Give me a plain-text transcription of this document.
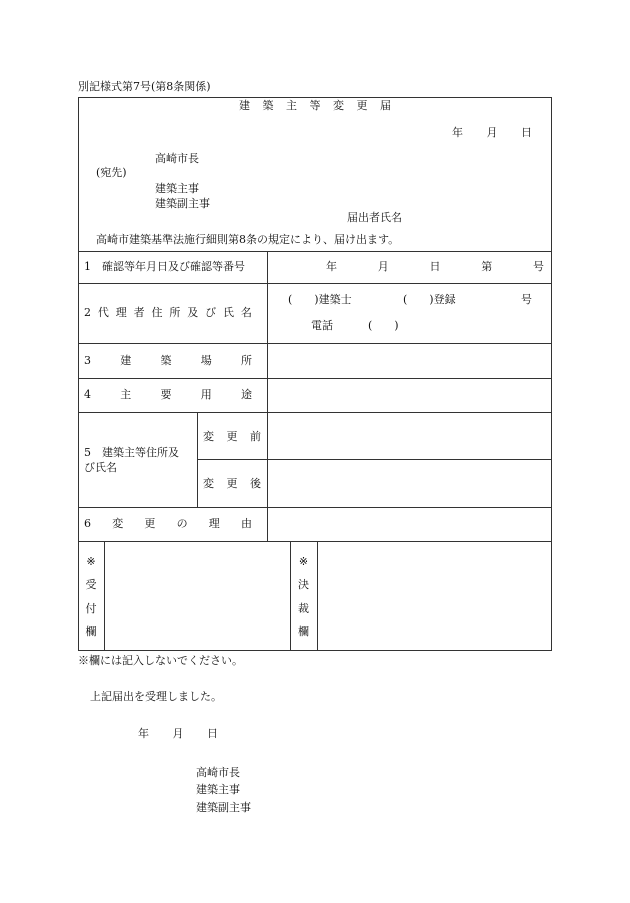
別記様式第7号(第8条関係)
建 築 主 等 変 更 届
年 月 日
高崎市長
(宛先)
建築主事
建築副主事
届出者氏名
高崎市建築基準法施行細則第8条の規定により、届け出ます。
1　確認等年月日及び確認等番号	年	月	日	第	号
2 代 理 者 住 所 及 び 氏 名
(　　)建築士	(　　)登録	号
電話	(　　)
3	建	築	場	所
4	主	要	用	途
5　建築主等住所及
び氏名
変 更 前
変 更 後
6 変 更 の 理 由
※
受
付
欄
※
決
裁
欄
※欄には記入しないでください。
上記届出を受理しました。
年 月 日
高崎市長
建築主事
建築副主事
